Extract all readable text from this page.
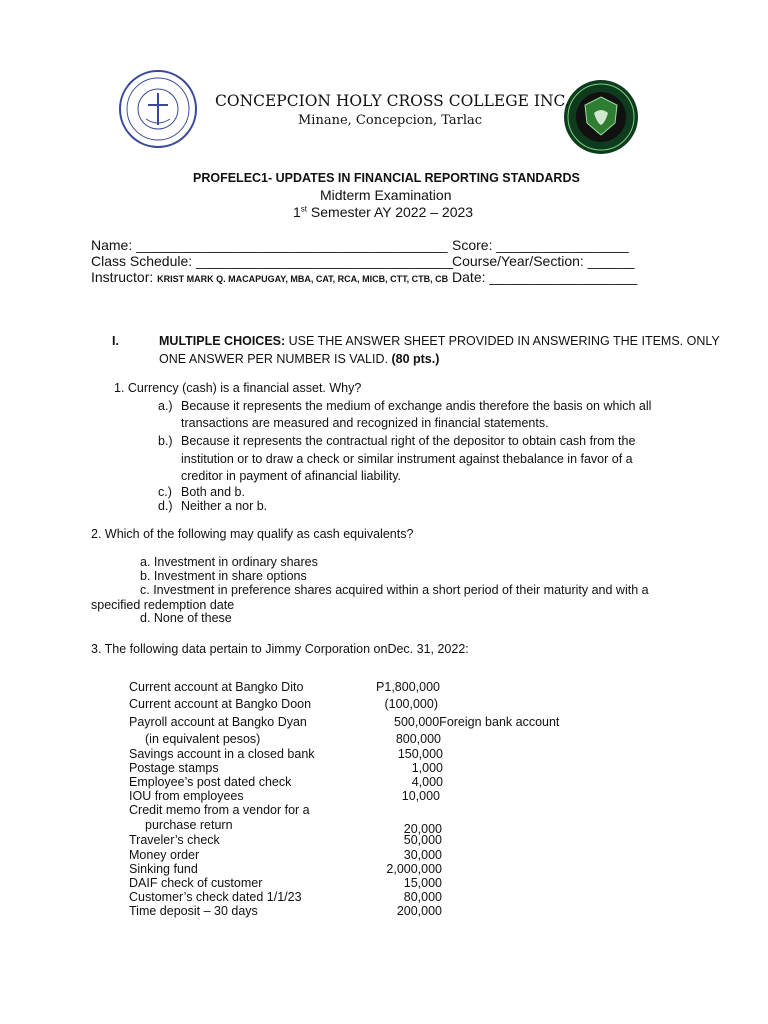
CONCEPCION HOLY CROSS COLLEGE INC.
Minane, Concepcion, Tarlac
PROFELEC1- UPDATES IN FINANCIAL REPORTING STANDARDS
Midterm Examination
1st Semester AY 2022 – 2023
Name: ________________________________________ Score: _________________
Class Schedule: _________________________________ Course/Year/Section: ______
Instructor: KRIST MARK Q. MACAPUGAY, MBA, CAT, RCA, MICB, CTT, CTB, CB Date: ___________________
I.	MULTIPLE CHOICES: USE THE ANSWER SHEET PROVIDED IN ANSWERING THE ITEMS. ONLY
ONE ANSWER PER NUMBER IS VALID. (80 pts.)
1. Currency (cash) is a financial asset. Why?
a.) Because it represents the medium of exchange andis therefore the basis on which all
transactions are measured and recognized in financial statements.
b.) Because it represents the contractual right of the depositor to obtain cash from the
institution or to draw a check or similar instrument against thebalance in favor of a
creditor in payment of afinancial liability.
c.) Both and b.
d.) Neither a nor b.
2. Which of the following may qualify as cash equivalents?
a. Investment in ordinary shares
b. Investment in share options
c. Investment in preference shares acquired within a short period of their maturity and with a
specified redemption date
d. None of these
3. The following data pertain to Jimmy Corporation onDec. 31, 2022:
Current account at Bangko Dito	P1,800,000
Current account at Bangko Doon	(100,000)
Payroll account at Bangko Dyan	500,000Foreign bank account
(in equivalent pesos)	800,000
Savings account in a closed bank	150,000
Postage stamps	1,000
Employee’s post dated check	4,000
IOU from employees	10,000
Credit memo from a vendor for a
purchase return	20,000
Traveler’s check	50,000
Money order	30,000
Sinking fund	2,000,000
DAIF check of customer	15,000
Customer’s check dated 1/1/23	80,000
Time deposit – 30 days	200,000
